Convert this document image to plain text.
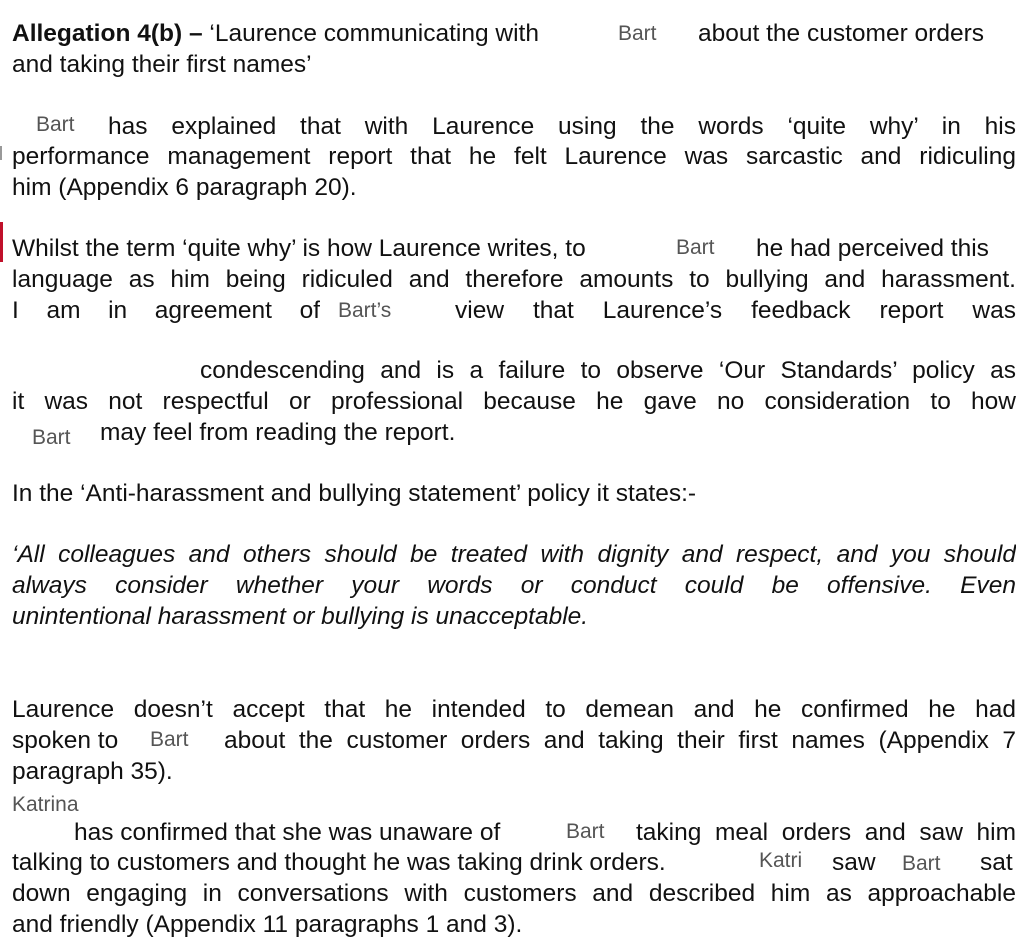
Allegation 4(b) – ‘Laurence communicating with	Bart about the customer orders
and taking their first names’
Bart has explained that with Laurence using the words ‘quite why’ in his
performance management report that he felt Laurence was sarcastic and ridiculing
him (Appendix 6 paragraph 20).
Whilst the term ‘quite why’ is how Laurence writes, to	Bart he had perceived this
language as him being ridiculed and therefore amounts to bullying and harassment.
I am in agreement of Bart’s	view that Laurence’s feedback report was
condescending and is a failure to observe ‘Our Standards’ policy as
it was not respectful or professional because he gave no consideration to how
Bart may feel from reading the report.
In the ‘Anti-harassment and bullying statement’ policy it states:-
‘All colleagues and others should be treated with dignity and respect, and you should
always consider whether your words or conduct could be offensive. Even
unintentional harassment or bullying is unacceptable.
Laurence doesn’t accept that he intended to demean and he confirmed he had
spoken to	Bart about the customer orders and taking their first names (Appendix 7
paragraph 35).
Katrina
has confirmed that she was unaware of	Bart taking meal orders and saw him
talking to customers and thought he was taking drink orders.	Katri saw Bart sat
down engaging in conversations with customers and described him as approachable
and friendly (Appendix 11 paragraphs 1 and 3).
